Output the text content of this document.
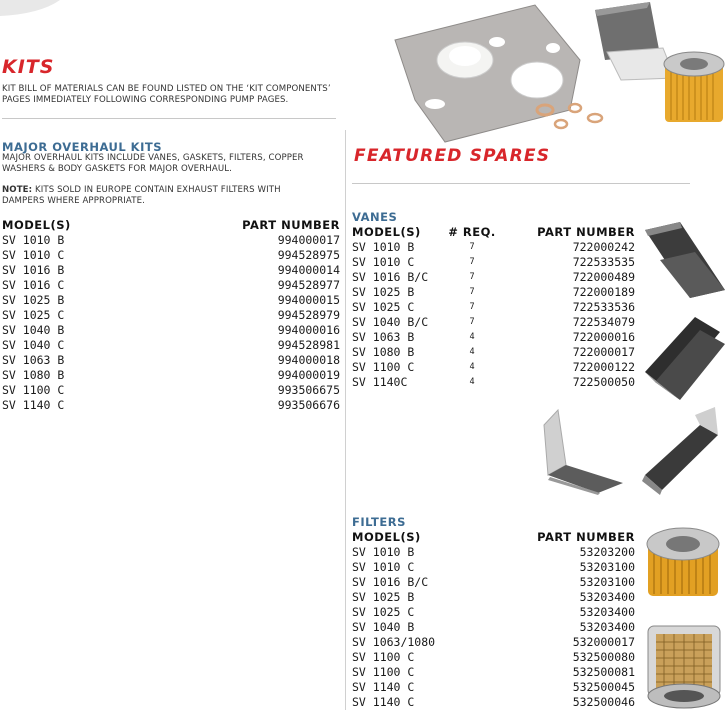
KITS
KIT BILL OF MATERIALS CAN BE FOUND LISTED ON THE ‘KIT COMPONENTS’ PAGES IMMEDIATELY FOLLOWING CORRESPONDING PUMP PAGES.
MAJOR OVERHAUL KITS
MAJOR OVERHAUL KITS INCLUDE VANES, GASKETS, FILTERS, COPPER WASHERS & BODY GASKETS FOR MAJOR OVERHAUL.
NOTE: KITS SOLD IN EUROPE CONTAIN EXHAUST FILTERS WITH DAMPERS WHERE APPROPRIATE.
MODEL(S)	PART NUMBER
SV 1010 B	994000017
SV 1010 C	994528975
SV 1016 B	994000014
SV 1016 C	994528977
SV 1025 B	994000015
SV 1025 C	994528979
SV 1040 B	994000016
SV 1040 C	994528981
SV 1063 B	994000018
SV 1080 B	994000019
SV 1100 C	993506675
SV 1140 C	993506676
FEATURED SPARES
VANES
MODEL(S)	# REQ.	PART NUMBER
SV 1010 B	7	722000242
SV 1010 C	7	722533535
SV 1016 B/C	7	722000489
SV 1025 B	7	722000189
SV 1025 C	7	722533536
SV 1040 B/C	7	722534079
SV 1063 B	4	722000016
SV 1080 B	4	722000017
SV 1100 C	4	722000122
SV 1140C	4	722500050
FILTERS
MODEL(S)	PART NUMBER
SV 1010 B	53203200
SV 1010 C	53203100
SV 1016 B/C	53203100
SV 1025 B	53203400
SV 1025 C	53203400
SV 1040 B	53203400
SV 1063/1080	532000017
SV 1100 C	532500080
SV 1100 C	532500081
SV 1140 C	532500045
SV 1140 C	532500046
